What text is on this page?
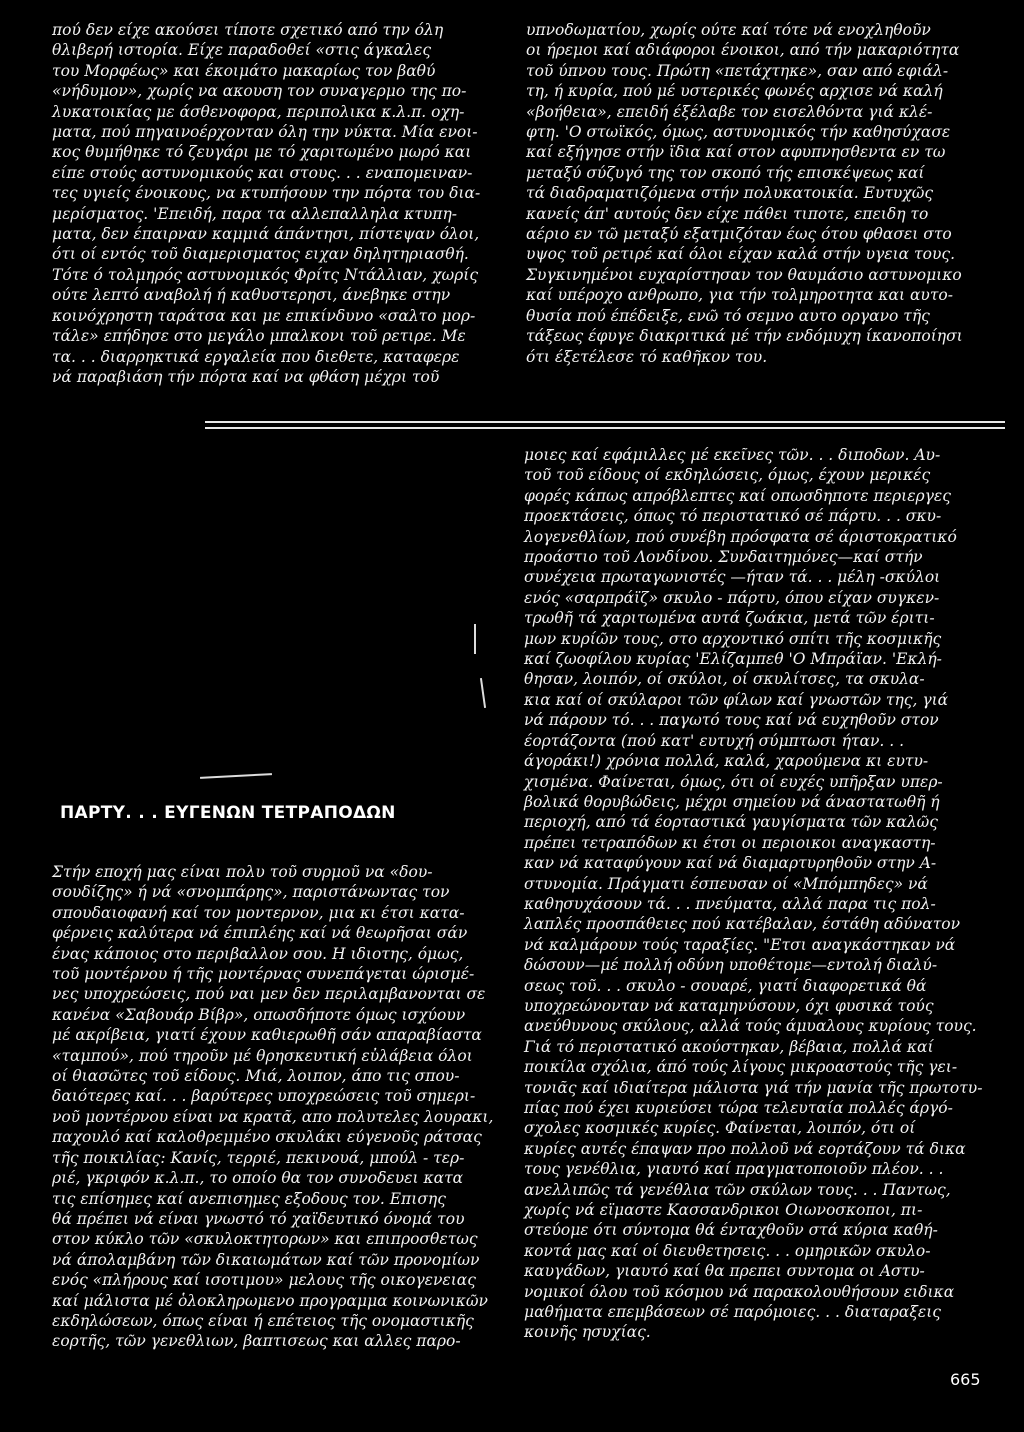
πού δεν είχε ακούσει τίποτε σχετικό από την όλη

θλιβερή ιστορία. Είχε παραδοθεί «στις άγκαλες

του Μορφέως» και έκοιμάτο μακαρίως τον βαθύ

«νήδυμον», χωρίς να ακουση τον συναγερμο της πο-

λυκατοικίας με άσθενοφορα, περιπολικα κ.λ.π. οχη-

ματα, πού πηγαινοέρχονταν όλη την νύκτα. Μία ενοι-

κος θυμήθηκε τό ζευγάρι με τό χαριτωμένο μωρό και

είπε στούς αστυνομικούς και στους. . . εναπομειναν-

τες υγιείς ένοικους, να κτυπήσουν την πόρτα του δια-

μερίσματος. 'Επειδή, παρα τα αλλεπαλληλα κτυπη-

ματα, δεν έπαιρναν καμμιά άπάντησι, πίστεψαν όλοι,

ότι οί εντός τοῦ διαμερισματος ειχαν δηλητηριασθή.

Τότε ό τολμηρός αστυνομικός Φρίτς Ντάλλιαν, χωρίς

ούτε λεπτό αναβολή ή καθυστερησι, άνεβηκε στην

κοινόχρηστη ταράτσα και με επικίνδυνο «σαλτο μορ-

τάλε» επήδησε στο μεγάλο μπαλκονι τοῦ ρετιρε. Με

τα. . . διαρρηκτικά εργαλεία που διεθετε, καταφερε

νά παραβιάση τήν πόρτα καί να φθάση μέχρι τοῦ

υπνοδωματίου, χωρίς ούτε καί τότε νά ενοχληθοῦν

οι ήρεμοι καί αδιάφοροι ένοικοι, από τήν μακαριότητα

τοῦ ύπνου τους. Πρώτη «πετάχτηκε», σαν από εφιάλ-

τη, ή κυρία, πού μέ υστερικές φωνές αρχισε νά καλή

«βοήθεια», επειδή έξέλαβε τον εισελθόντα γιά κλέ-

φτη. 'Ο στωϊκός, όμως, αστυνομικός τήν καθησύχασε

καί εξήγησε στήν ϊδια καί στον αφυπνησθεντα εν τω

μεταξύ σύζυγό της τον σκοπό τής επισκέψεως καί

τά διαδραματιζόμενα στήν πολυκατοικία. Ευτυχῶς

κανείς άπ' αυτούς δεν είχε πάθει τιποτε, επειδη το

αέριο εν τῶ μεταξύ εξατμιζόταν έως ότου φθασει στο

υψος τοῦ ρετιρέ καί όλοι είχαν καλά στήν υγεια τους.

Συγκινημένοι ευχαρίστησαν τον θαυμάσιο αστυνομικο

καί υπέροχο ανθρωπο, για τήν τολμηροτητα και αυτο-

θυσία πού έπέδειξε, ενῶ τό σεμνο αυτο οργανο τῆς

τάξεως έφυγε διακριτικά μέ τήν ενδόμυχη ίκανοποίησι

ότι έξετέλεσε τό καθῆκον του.

ΠΑΡΤΥ. . . ΕΥΓΕΝΩΝ ΤΕΤΡΑΠΟΔΩΝ

Στήν εποχή μας είναι πολυ τοῦ συρμοῦ να «δου-

σουδίζης» ή νά «σνομπάρης», παριστάνωντας τον

σπουδαιοφανή καί τον μοντερνον, μια κι έτσι κατα-

φέρνεις καλύτερα νά έπιπλέης καί νά θεωρῆσαι σάν

ένας κάποιος στο περιβαλλον σου. Η ιδιοτης, όμως,

τοῦ μοντέρνου ή τῆς μοντέρνας συνεπάγεται ώρισμέ-

νες υποχρεώσεις, πού ναι μεν δεν περιλαμβανονται σε

κανένα «Σαβουάρ Βίβρ», οπωσδήποτε όμως ισχύουν

μέ ακρίβεια, γιατί έχουν καθιερωθῆ σάν απαραβίαστα

«ταμπού», πού τηροῦν μέ θρησκευτική εὐλάβεια όλοι

οί θιασῶτες τοῦ είδους. Μιά, λοιπον, άπο τις σπου-

δαιότερες καί. . . βαρύτερες υποχρεώσεις τοῦ σημερι-

νοῦ μοντέρνου είναι να κρατᾶ, απο πολυτελες λουρακι,

παχουλό καί καλοθρεμμένο σκυλάκι εύγενοῦς ράτσας

τῆς ποικιλίας: Κανίς, τερριέ, πεκινουά, μπούλ - τερ-

ριέ, γκριφόν κ.λ.π., το οποίο θα τον συνοδευει κατα

τις επίσημες καί ανεπισημες εξοδους τον. Επισης

θά πρέπει νά είναι γνωστό τό χαϊδευτικό όνομά του

στον κύκλο τῶν «σκυλοκτητορων» και επιπροσθετως

νά άπολαμβάνη τῶν δικαιωμάτων καί τῶν προνομίων

ενός «πλήρους καί ισοτιμου» μελους τῆς οικογενειας

καί μάλιστα μέ ὁλοκληρωμενο προγραμμα κοινωνικῶν

εκδηλώσεων, όπως είναι ή επέτειος τῆς ονομαστικῆς

εορτῆς, τῶν γενεθλιων, βαπτισεως και αλλες παρο-

μοιες καί εφάμιλλες μέ εκεῖνες τῶν. . . διποδων. Αυ-

τοῦ τοῦ είδους οί εκδηλώσεις, όμως, έχουν μερικές

φορές κάπως απρόβλεπτες καί οπωσδηποτε περιεργες

προεκτάσεις, όπως τό περιστατικό σέ πάρτυ. . . σκυ-

λογενεθλίων, πού συνέβη πρόσφατα σέ άριστοκρατικό

προάστιο τοῦ Λονδίνου. Συνδαιτημόνες—καί στήν

συνέχεια πρωταγωνιστές —ήταν τά. . . μέλη -σκύλοι

ενός «σαρπράϊζ» σκυλο - πάρτυ, όπου είχαν συγκεν-

τρωθῆ τά χαριτωμένα αυτά ζωάκια, μετά τῶν έριτι-

μων κυρίῶν τους, στο αρχοντικό σπίτι τῆς κοσμικῆς

καί ζωοφίλου κυρίας 'Ελίζαμπεθ 'Ο Μπράϊαν. 'Εκλή-

θησαν, λοιπόν, οί σκύλοι, οί σκυλίτσες, τα σκυλα-

κια καί οί σκύλαροι τῶν φίλων καί γνωστῶν της, γιά

νά πάρουν τό. . . παγωτό τους καί νά ευχηθοῦν στον

έορτάζοντα (πού κατ' ευτυχή σύμπτωσι ήταν. . .

άγοράκι!) χρόνια πολλά, καλά, χαρούμενα κι ευτυ-

χισμένα. Φαίνεται, όμως, ότι οί ευχές υπῆρξαν υπερ-

βολικά θορυβώδεις, μέχρι σημείου νά άναστατωθῆ ή

περιοχή, από τά έορταστικά γαυγίσματα τῶν καλῶς

πρέπει τετραπόδων κι έτσι οι περιοικοι αναγκαστη-

καν νά καταφύγουν καί νά διαμαρτυρηθοῦν στην Α-

στυνομία. Πράγματι έσπευσαν οί «Μπόμπηδες» νά

καθησυχάσουν τά. . . πνεύματα, αλλά παρα τις πολ-

λαπλές προσπάθειες πού κατέβαλαν, έστάθη αδύνατον

νά καλμάρουν τούς ταραξίες. "Ετσι αναγκάστηκαν νά

δώσουν—μέ πολλή οδύνη υποθέτομε—εντολή διαλύ-

σεως τοῦ. . . σκυλο - σουαρέ, γιατί διαφορετικά θά

υποχρεώνονταν νά καταμηνύσουν, όχι φυσικά τούς

ανεύθυνους σκύλους, αλλά τούς άμυαλους κυρίους τους.

Γιά τό περιστατικό ακούστηκαν, βέβαια, πολλά καί

ποικίλα σχόλια, άπό τούς λίγους μικροαστούς τῆς γει-

τονιᾶς καί ιδιαίτερα μάλιστα γιά τήν μανία τῆς πρωτοτυ-

πίας πού έχει κυριεύσει τώρα τελευταία πολλές άργό-

σχολες κοσμικές κυρίες. Φαίνεται, λοιπόν, ότι οί

κυρίες αυτές έπαψαν προ πολλοῦ νά εορτάζουν τά δικα

τους γενέθλια, γιαυτό καί πραγματοποιοῦν πλέον. . .

ανελλιπῶς τά γενέθλια τῶν σκύλων τους. . . Παντως,

χωρίς νά εϊμαστε Κασσανδρικοι Οιωνοσκοποι, πι-

στεύομε ότι σύντομα θά ένταχθοῦν στά κύρια καθή-

κοντά μας καί οί διευθετησεις. . . ομηρικῶν σκυλο-

καυγάδων, γιαυτό καί θα πρεπει συντομα οι Αστυ-

νομικοί όλου τοῦ κόσμου νά παρακολουθήσουν ειδικα

μαθήματα επεμβάσεων σέ παρόμοιες. . . διαταραξεις

κοινῆς ησυχίας.

665
